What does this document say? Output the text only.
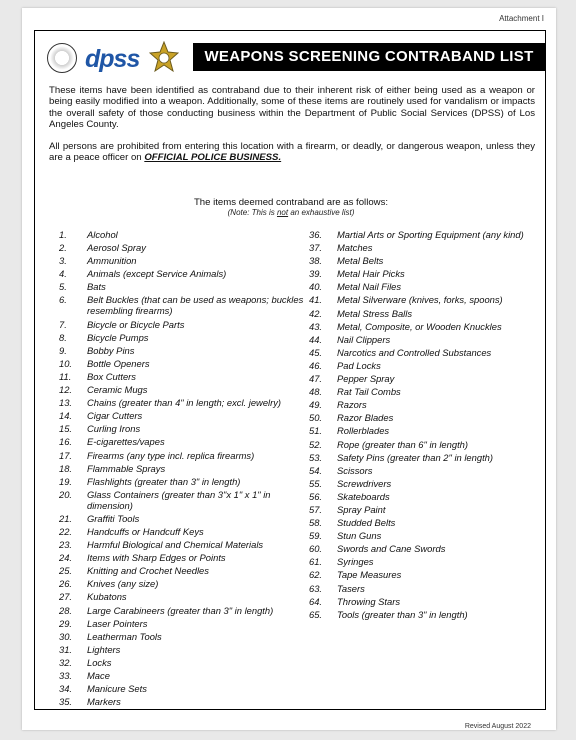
Attachment I
dpss	WEAPONS SCREENING CONTRABAND LIST

These items have been identified as contraband due to their inherent risk of either being used as a weapon or being easily modified into a weapon. Additionally, some of these items are routinely used for vandalism or impacts the overall safety of those conducting business within the Department of Public Social Services (DPSS) of Los Angeles County.

All persons are prohibited from entering this location with a firearm, or deadly, or dangerous weapon, unless they are a peace officer on OFFICIAL POLICE BUSINESS.

The items deemed contraband are as follows:
(Note: This is not an exhaustive list)
1.	Alcohol
2.	Aerosol Spray
3.	Ammunition
4.	Animals (except Service Animals)
5.	Bats
6.	Belt Buckles (that can be used as weapons; buckles resembling firearms)
7.	Bicycle or Bicycle Parts
8.	Bicycle Pumps
9.	Bobby Pins
10.	Bottle Openers
11.	Box Cutters
12.	Ceramic Mugs
13.	Chains (greater than 4" in length; excl. jewelry)
14.	Cigar Cutters
15.	Curling Irons
16.	E-cigarettes/vapes
17.	Firearms (any type incl. replica firearms)
18.	Flammable Sprays
19.	Flashlights (greater than 3" in length)
20.	Glass Containers (greater than 3"x 1" x 1" in dimension)
21.	Graffiti Tools
22.	Handcuffs or Handcuff Keys
23.	Harmful Biological and Chemical Materials
24.	Items with Sharp Edges or Points
25.	Knitting and Crochet Needles
26.	Knives (any size)
27.	Kubatons
28.	Large Carabineers (greater than 3" in length)
29.	Laser Pointers
30.	Leatherman Tools
31.	Lighters
32.	Locks
33.	Mace
34.	Manicure Sets
35.	Markers
36.	Martial Arts or Sporting Equipment (any kind)
37.	Matches
38.	Metal Belts
39.	Metal Hair Picks
40.	Metal Nail Files
41.	Metal Silverware (knives, forks, spoons)
42.	Metal Stress Balls
43.	Metal, Composite, or Wooden Knuckles
44.	Nail Clippers
45.	Narcotics and Controlled Substances
46.	Pad Locks
47.	Pepper Spray
48.	Rat Tail Combs
49.	Razors
50.	Razor Blades
51.	Rollerblades
52.	Rope (greater than 6" in length)
53.	Safety Pins (greater than 2" in length)
54.	Scissors
55.	Screwdrivers
56.	Skateboards
57.	Spray Paint
58.	Studded Belts
59.	Stun Guns
60.	Swords and Cane Swords
61.	Syringes
62.	Tape Measures
63.	Tasers
64.	Throwing Stars
65.	Tools (greater than 3" in length)
Revised August 2022
